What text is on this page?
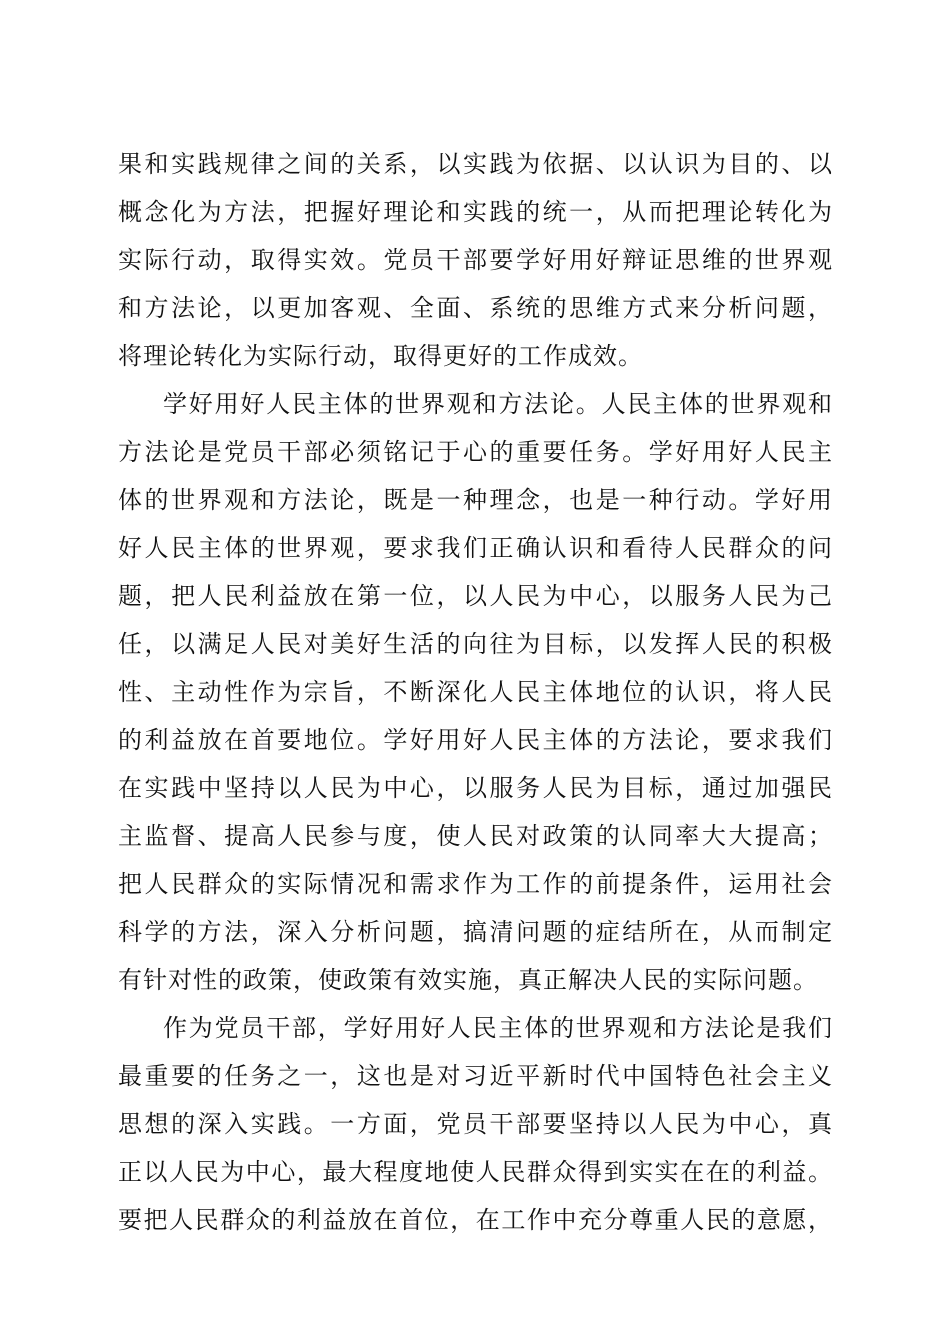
果和实践规律之间的关系，以实践为依据、以认识为目的、以
概念化为方法，把握好理论和实践的统一，从而把理论转化为
实际行动，取得实效。党员干部要学好用好辩证思维的世界观
和方法论，以更加客观、全面、系统的思维方式来分析问题，
将理论转化为实际行动，取得更好的工作成效。
学好用好人民主体的世界观和方法论。人民主体的世界观和
方法论是党员干部必须铭记于心的重要任务。学好用好人民主
体的世界观和方法论，既是一种理念，也是一种行动。学好用
好人民主体的世界观，要求我们正确认识和看待人民群众的问
题，把人民利益放在第一位，以人民为中心，以服务人民为己
任，以满足人民对美好生活的向往为目标，以发挥人民的积极
性、主动性作为宗旨，不断深化人民主体地位的认识，将人民
的利益放在首要地位。学好用好人民主体的方法论，要求我们
在实践中坚持以人民为中心，以服务人民为目标，通过加强民
主监督、提高人民参与度，使人民对政策的认同率大大提高；
把人民群众的实际情况和需求作为工作的前提条件，运用社会
科学的方法，深入分析问题，搞清问题的症结所在，从而制定
有针对性的政策，使政策有效实施，真正解决人民的实际问题。
作为党员干部，学好用好人民主体的世界观和方法论是我们
最重要的任务之一，这也是对习近平新时代中国特色社会主义
思想的深入实践。一方面，党员干部要坚持以人民为中心，真
正以人民为中心，最大程度地使人民群众得到实实在在的利益。
要把人民群众的利益放在首位，在工作中充分尊重人民的意愿，
